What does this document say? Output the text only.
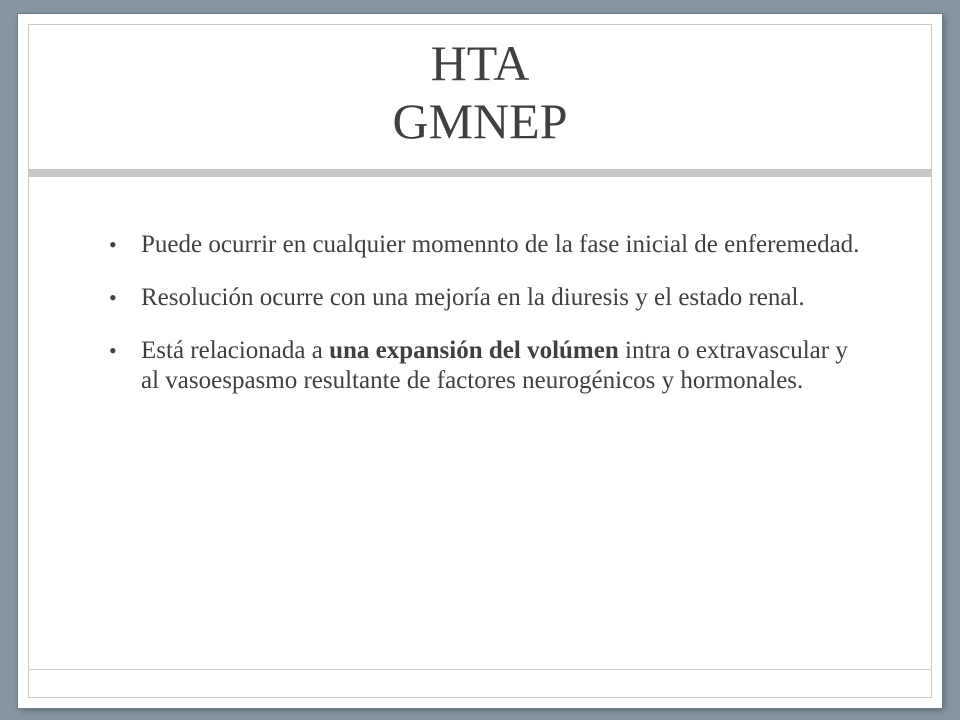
HTA
GMNEP
• Puede ocurrir en cualquier momennto de la fase inicial de enferemedad.
• Resolución ocurre con una mejoría en la diuresis y el estado renal.
• Está relacionada a una expansión del volúmen intra o extravascular y al vasoespasmo resultante de factores neurogénicos y hormonales.
